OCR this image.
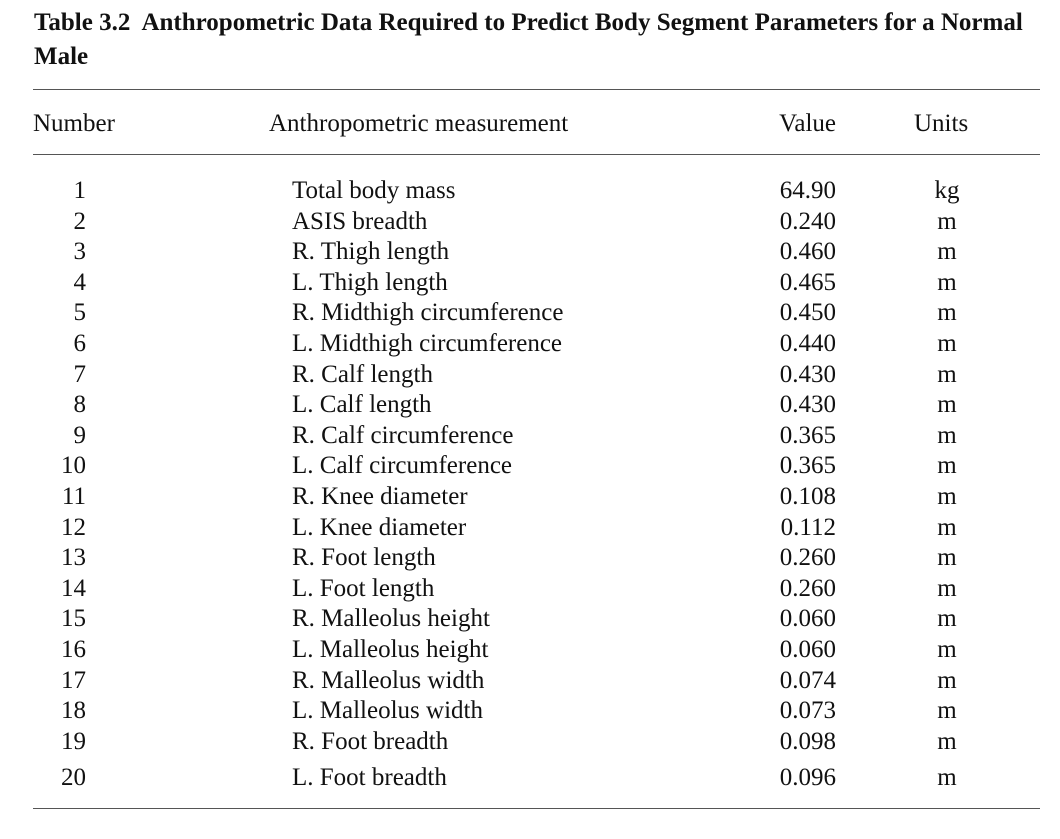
Table 3.2 Anthropometric Data Required to Predict Body Segment Parameters for a Normal Male

Number	Anthropometric measurement	Value	Units
1	Total body mass	64.90	kg
2	ASIS breadth	0.240	m
3	R. Thigh length	0.460	m
4	L. Thigh length	0.465	m
5	R. Midthigh circumference	0.450	m
6	L. Midthigh circumference	0.440	m
7	R. Calf length	0.430	m
8	L. Calf length	0.430	m
9	R. Calf circumference	0.365	m
10	L. Calf circumference	0.365	m
11	R. Knee diameter	0.108	m
12	L. Knee diameter	0.112	m
13	R. Foot length	0.260	m
14	L. Foot length	0.260	m
15	R. Malleolus height	0.060	m
16	L. Malleolus height	0.060	m
17	R. Malleolus width	0.074	m
18	L. Malleolus width	0.073	m
19	R. Foot breadth	0.098	m
20	L. Foot breadth	0.096	m
